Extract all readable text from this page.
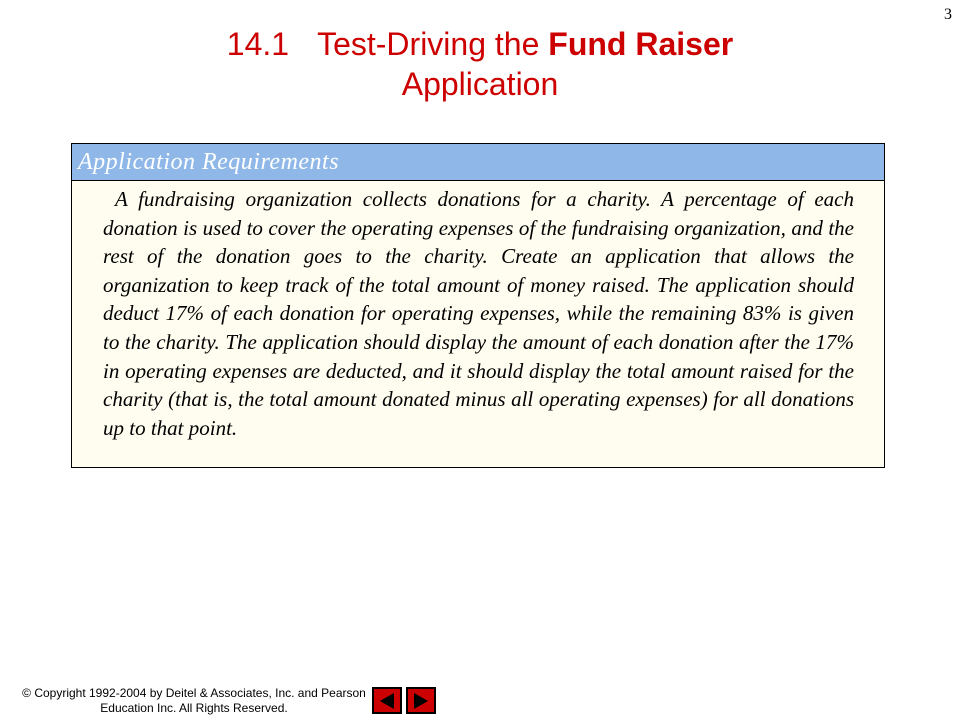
3
14.1 Test-Driving the Fund Raiser
Application
Application Requirements
A fundraising organization collects donations for a charity. A percentage of each donation is used to cover the operating expenses of the fundraising organization, and the rest of the donation goes to the charity. Create an application that allows the organization to keep track of the total amount of money raised. The application should deduct 17% of each donation for operating expenses, while the remaining 83% is given to the charity. The application should display the amount of each donation after the 17% in operating expenses are deducted, and it should display the total amount raised for the charity (that is, the total amount donated minus all operating expenses) for all donations up to that point.
© Copyright 1992-2004 by Deitel & Associates, Inc. and Pearson
Education Inc. All Rights Reserved.
